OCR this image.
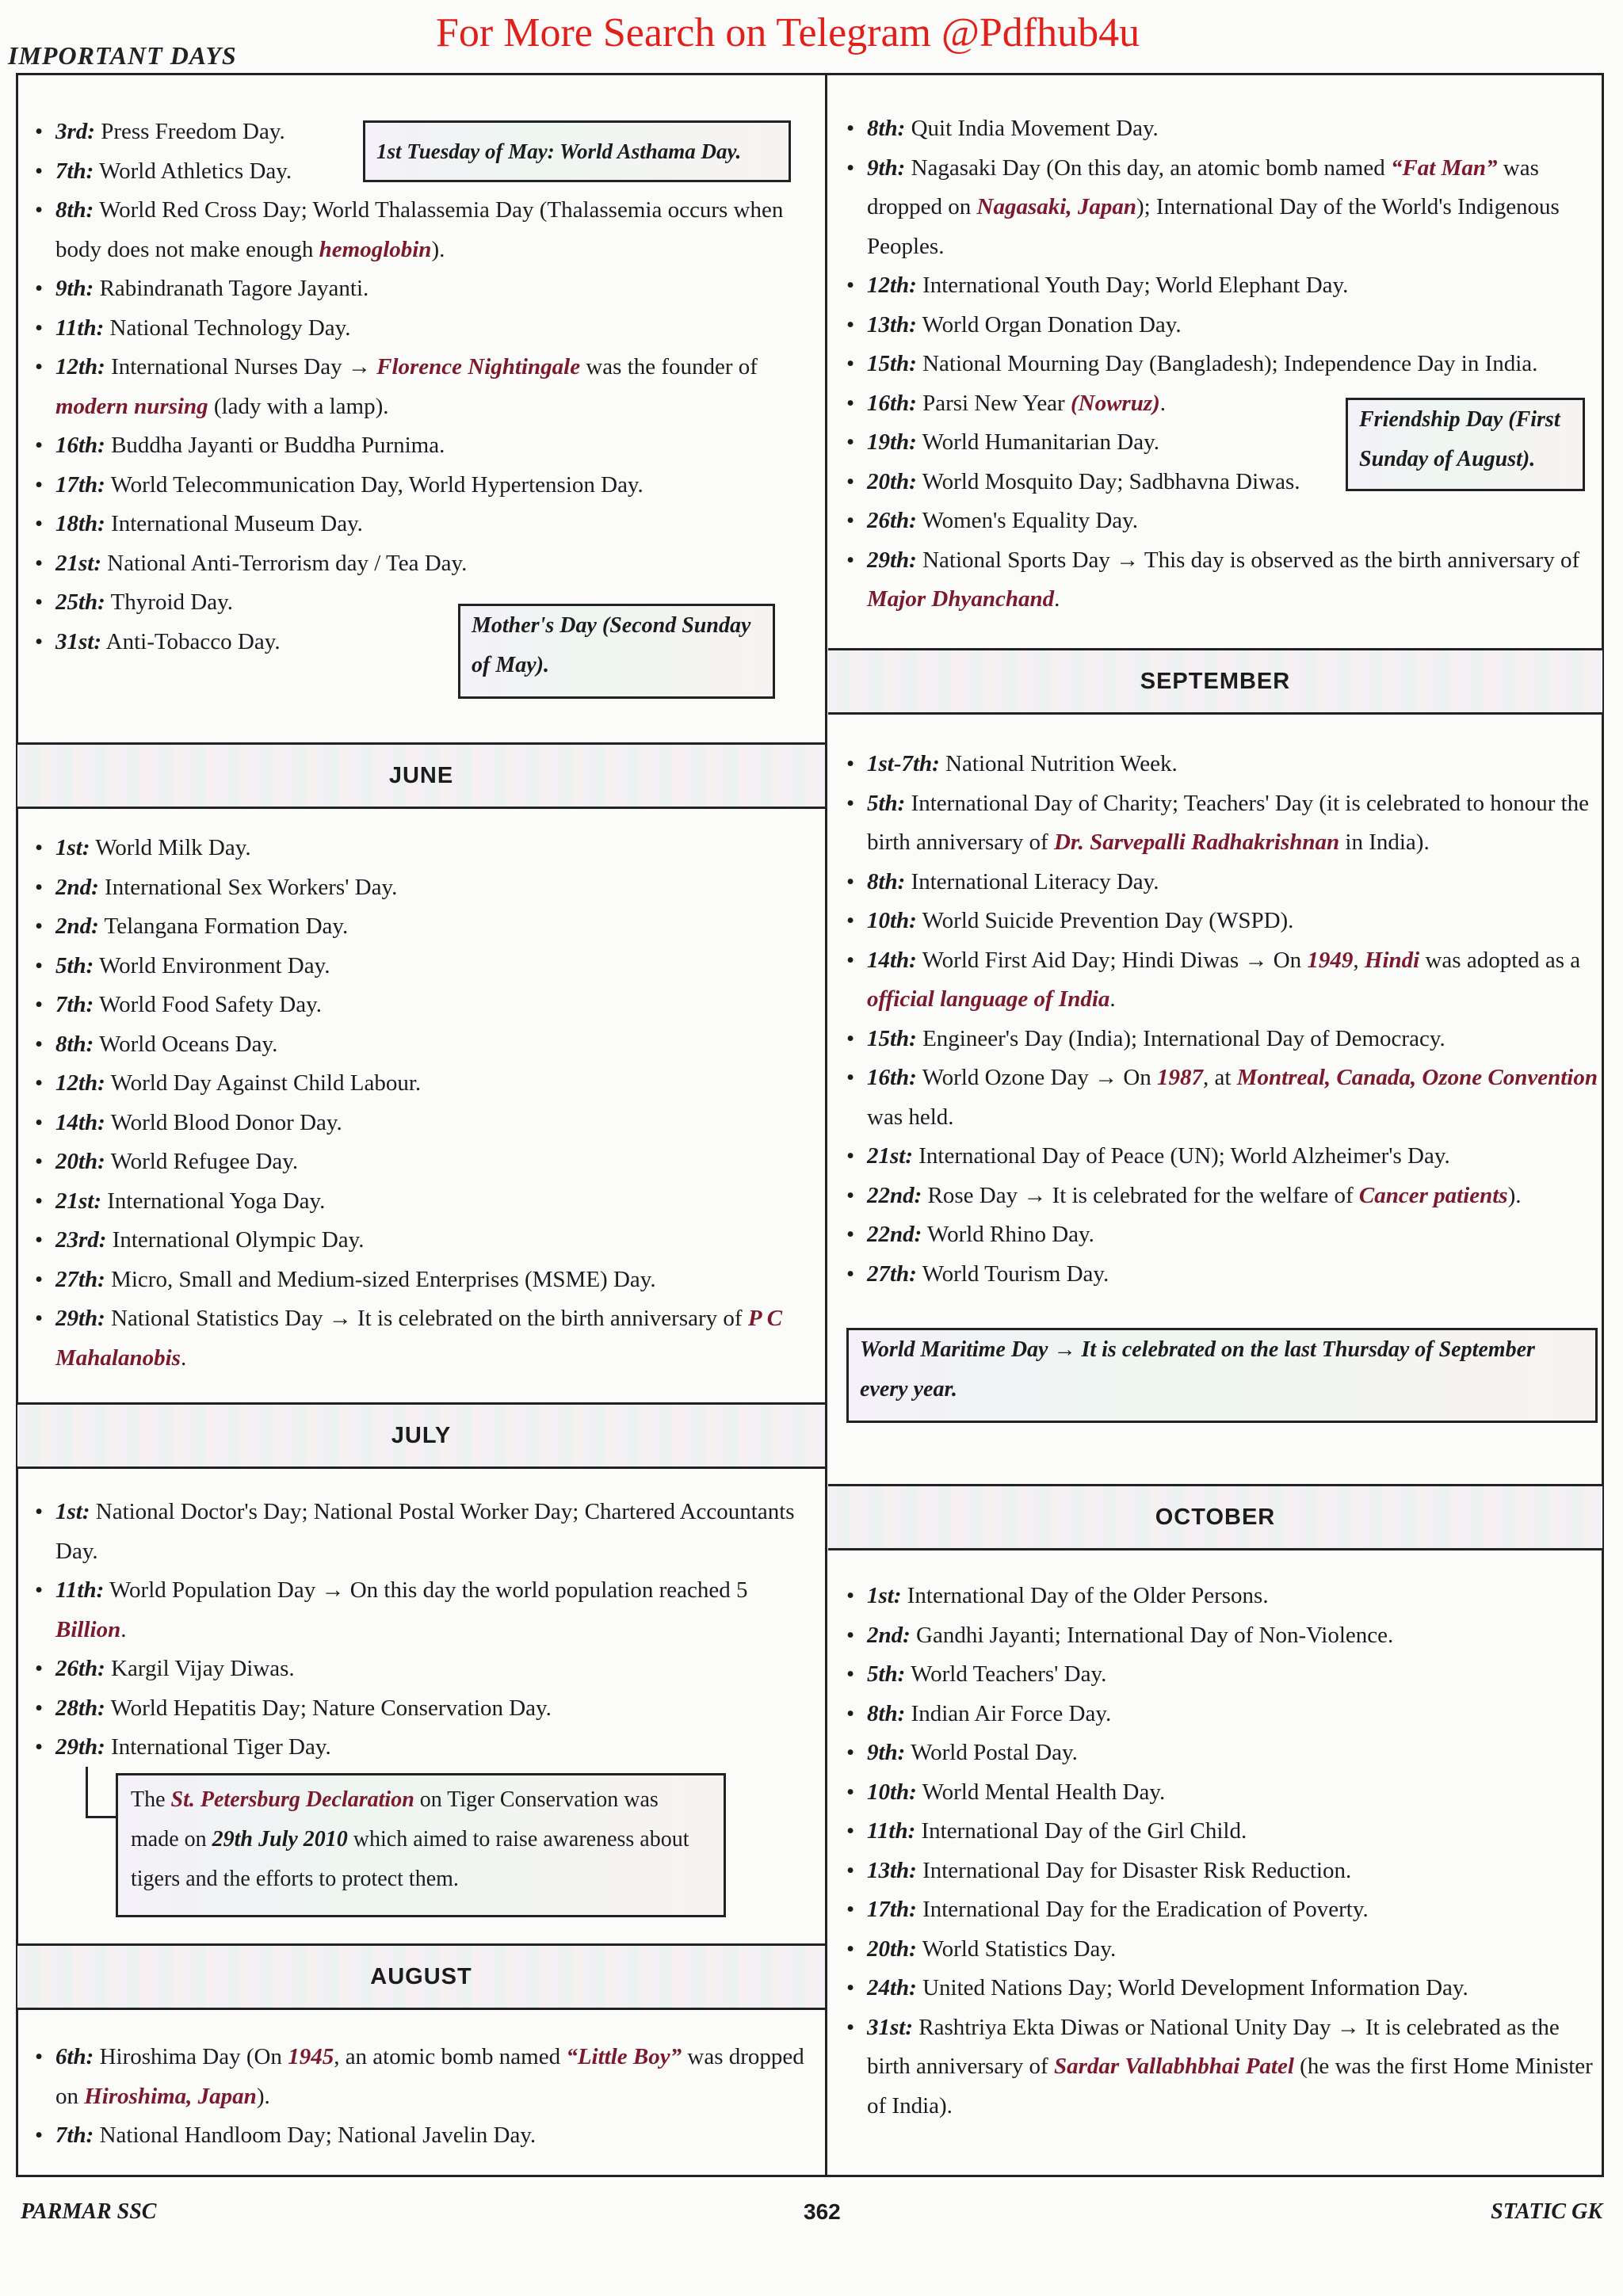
IMPORTANT DAYS	For More Search on Telegram @Pdfhub4u
• 3rd: Press Freedom Day.
• 7th: World Athletics Day.
• 8th: World Red Cross Day; World Thalassemia Day (Thalassemia occurs when body does not make enough hemoglobin).
• 9th: Rabindranath Tagore Jayanti.
• 11th: National Technology Day.
• 12th: International Nurses Day → Florence Nightingale was the founder of modern nursing (lady with a lamp).
• 16th: Buddha Jayanti or Buddha Purnima.
• 17th: World Telecommunication Day, World Hypertension Day.
• 18th: International Museum Day.
• 21st: National Anti-Terrorism day / Tea Day.
• 25th: Thyroid Day.
• 31st: Anti-Tobacco Day.
1st Tuesday of May: World Asthama Day.
Mother's Day (Second Sunday of May).
JUNE
• 1st: World Milk Day.
• 2nd: International Sex Workers' Day.
• 2nd: Telangana Formation Day.
• 5th: World Environment Day.
• 7th: World Food Safety Day.
• 8th: World Oceans Day.
• 12th: World Day Against Child Labour.
• 14th: World Blood Donor Day.
• 20th: World Refugee Day.
• 21st: International Yoga Day.
• 23rd: International Olympic Day.
• 27th: Micro, Small and Medium-sized Enterprises (MSME) Day.
• 29th: National Statistics Day → It is celebrated on the birth anniversary of P C Mahalanobis.
JULY
• 1st: National Doctor's Day; National Postal Worker Day; Chartered Accountants Day.
• 11th: World Population Day → On this day the world population reached 5 Billion.
• 26th: Kargil Vijay Diwas.
• 28th: World Hepatitis Day; Nature Conservation Day.
• 29th: International Tiger Day.
The St. Petersburg Declaration on Tiger Conservation was made on 29th July 2010 which aimed to raise awareness about tigers and the efforts to protect them.
AUGUST
• 6th: Hiroshima Day (On 1945, an atomic bomb named “Little Boy” was dropped on Hiroshima, Japan).
• 7th: National Handloom Day; National Javelin Day.
• 8th: Quit India Movement Day.
• 9th: Nagasaki Day (On this day, an atomic bomb named “Fat Man” was dropped on Nagasaki, Japan); International Day of the World's Indigenous Peoples.
• 12th: International Youth Day; World Elephant Day.
• 13th: World Organ Donation Day.
• 15th: National Mourning Day (Bangladesh); Independence Day in India.
• 16th: Parsi New Year (Nowruz).
• 19th: World Humanitarian Day.
• 20th: World Mosquito Day; Sadbhavna Diwas.
• 26th: Women's Equality Day.
• 29th: National Sports Day → This day is observed as the birth anniversary of Major Dhyanchand.
Friendship Day (First Sunday of August).
SEPTEMBER
• 1st-7th: National Nutrition Week.
• 5th: International Day of Charity; Teachers' Day (it is celebrated to honour the birth anniversary of Dr. Sarvepalli Radhakrishnan in India).
• 8th: International Literacy Day.
• 10th: World Suicide Prevention Day (WSPD).
• 14th: World First Aid Day; Hindi Diwas → On 1949, Hindi was adopted as a official language of India.
• 15th: Engineer's Day (India); International Day of Democracy.
• 16th: World Ozone Day → On 1987, at Montreal, Canada, Ozone Convention was held.
• 21st: International Day of Peace (UN); World Alzheimer's Day.
• 22nd: Rose Day → It is celebrated for the welfare of Cancer patients).
• 22nd: World Rhino Day.
• 27th: World Tourism Day.
World Maritime Day → It is celebrated on the last Thursday of September every year.
OCTOBER
• 1st: International Day of the Older Persons.
• 2nd: Gandhi Jayanti; International Day of Non-Violence.
• 5th: World Teachers' Day.
• 8th: Indian Air Force Day.
• 9th: World Postal Day.
• 10th: World Mental Health Day.
• 11th: International Day of the Girl Child.
• 13th: International Day for Disaster Risk Reduction.
• 17th: International Day for the Eradication of Poverty.
• 20th: World Statistics Day.
• 24th: United Nations Day; World Development Information Day.
• 31st: Rashtriya Ekta Diwas or National Unity Day → It is celebrated as the birth anniversary of Sardar Vallabhbhai Patel (he was the first Home Minister of India).
PARMAR SSC	362	STATIC GK
